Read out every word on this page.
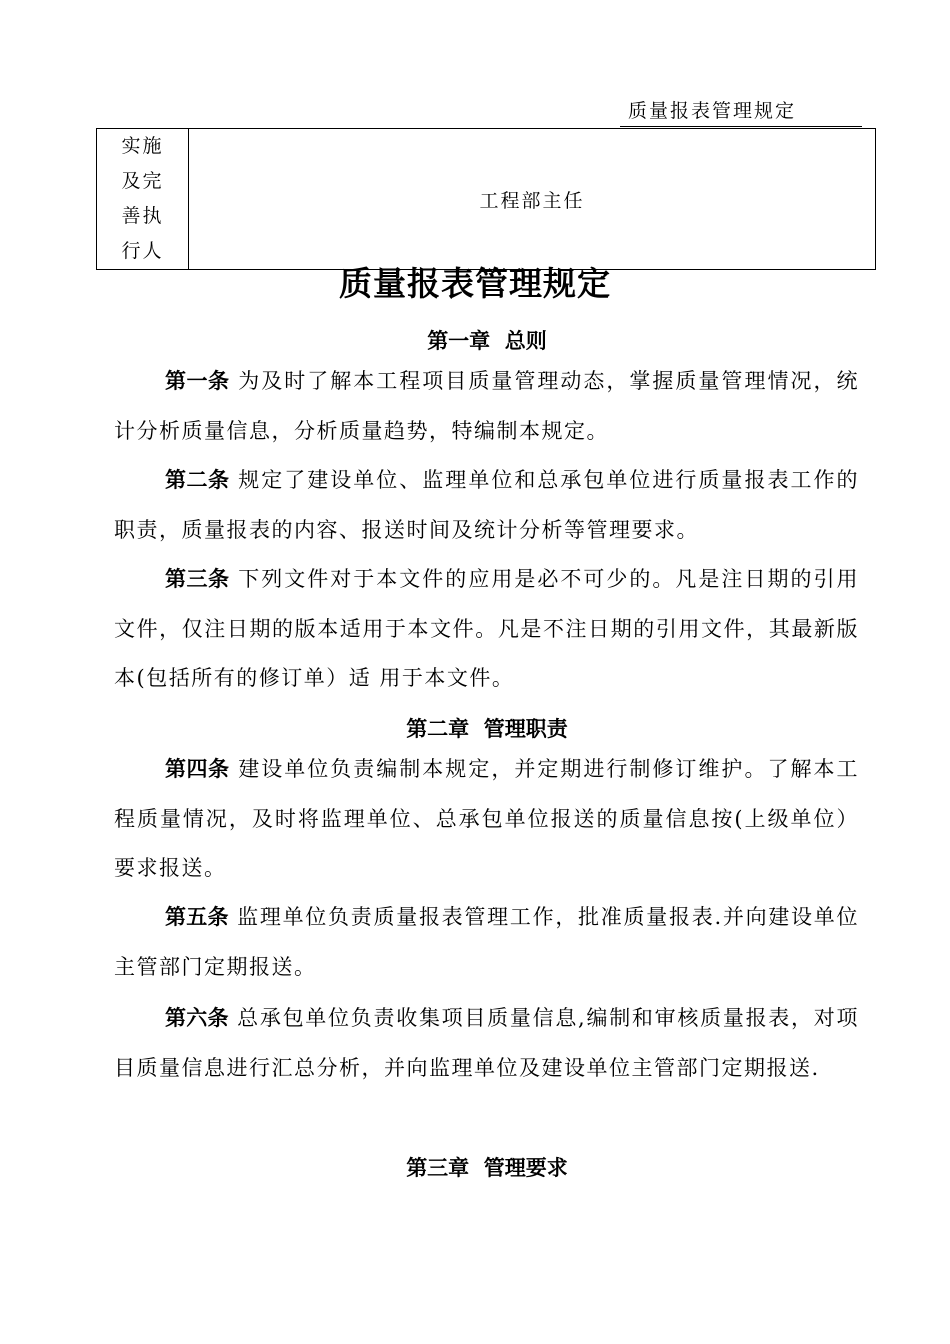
质量报表管理规定
实施
及完
善执
行人
	工程部主任
质量报表管理规定
第一章  总则

第一条 为及时了解本工程项目质量管理动态，掌握质量管理情况，统计分析质量信息，分析质量趋势，特编制本规定。

第二条 规定了建设单位、监理单位和总承包单位进行质量报表工作的职责，质量报表的内容、报送时间及统计分析等管理要求。

第三条 下列文件对于本文件的应用是必不可少的。凡是注日期的引用文件，仅注日期的版本适用于本文件。凡是不注日期的引用文件，其最新版本(包括所有的修订单）适 用于本文件。

第二章  管理职责

第四条 建设单位负责编制本规定，并定期进行制修订维护。了解本工程质量情况，及时将监理单位、总承包单位报送的质量信息按(上级单位）要求报送。

第五条 监理单位负责质量报表管理工作，批准质量报表.并向建设单位主管部门定期报送。

第六条 总承包单位负责收集项目质量信息,编制和审核质量报表，对项目质量信息进行汇总分析，并向监理单位及建设单位主管部门定期报送.

第三章  管理要求
